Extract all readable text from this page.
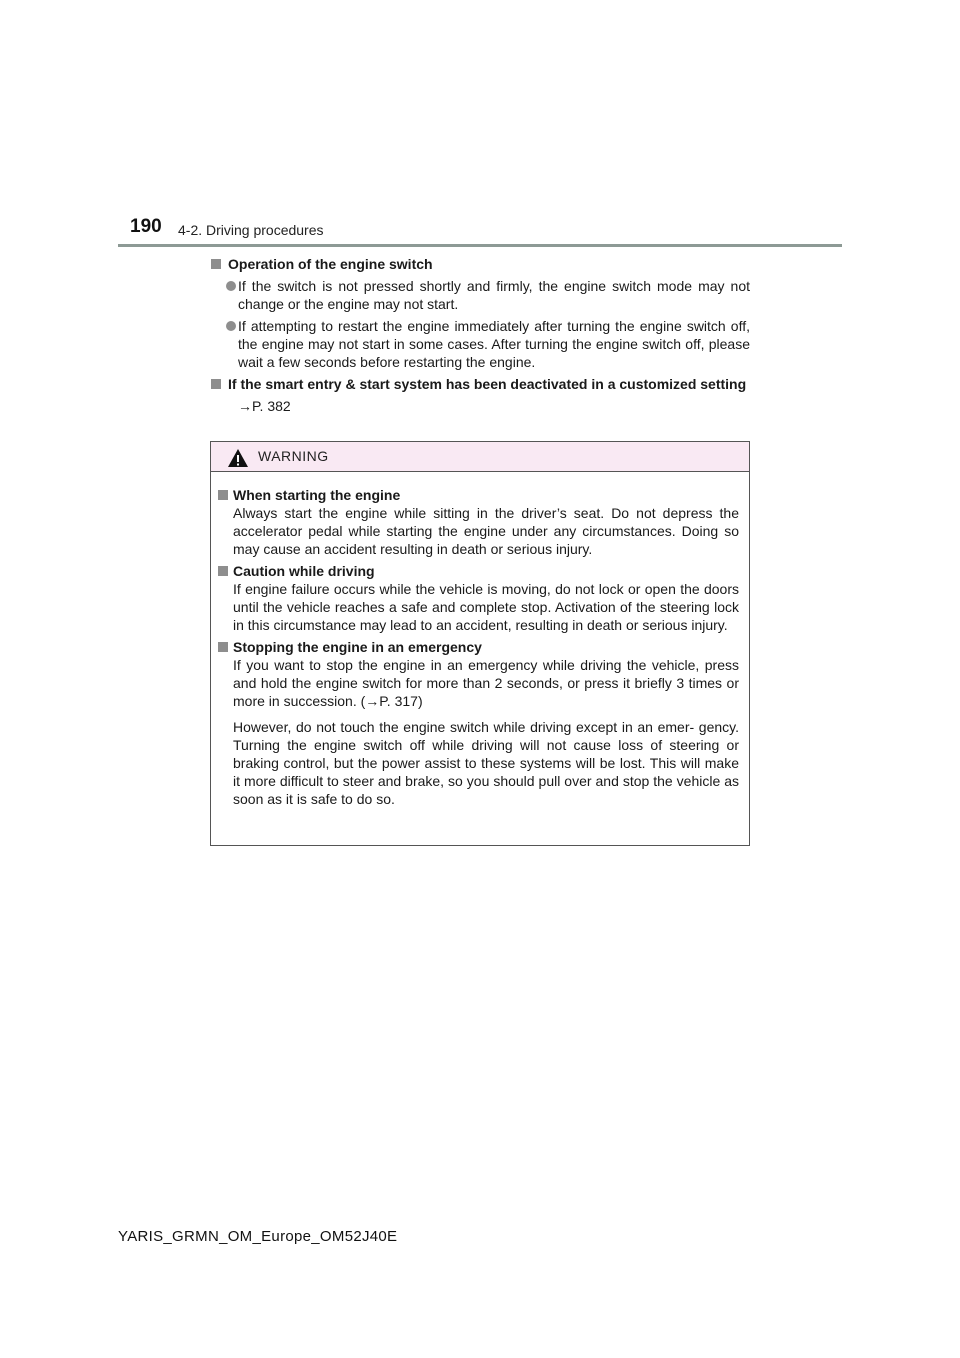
190 4-2. Driving procedures
Operation of the engine switch
If the switch is not pressed shortly and firmly, the engine switch mode may not change or the engine may not start.
If attempting to restart the engine immediately after turning the engine switch off, the engine may not start in some cases. After turning the engine switch off, please wait a few seconds before restarting the engine.
If the smart entry & start system has been deactivated in a customized setting
→P. 382
WARNING
When starting the engine
Always start the engine while sitting in the driver’s seat. Do not depress the accelerator pedal while starting the engine under any circumstances. Doing so may cause an accident resulting in death or serious injury.
Caution while driving
If engine failure occurs while the vehicle is moving, do not lock or open the doors until the vehicle reaches a safe and complete stop. Activation of the steering lock in this circumstance may lead to an accident, resulting in death or serious injury.
Stopping the engine in an emergency
If you want to stop the engine in an emergency while driving the vehicle, press and hold the engine switch for more than 2 seconds, or press it briefly 3 times or more in succession. (→P. 317)
However, do not touch the engine switch while driving except in an emer- gency. Turning the engine switch off while driving will not cause loss of steering or braking control, but the power assist to these systems will be lost. This will make it more difficult to steer and brake, so you should pull over and stop the vehicle as soon as it is safe to do so.
YARIS_GRMN_OM_Europe_OM52J40E
